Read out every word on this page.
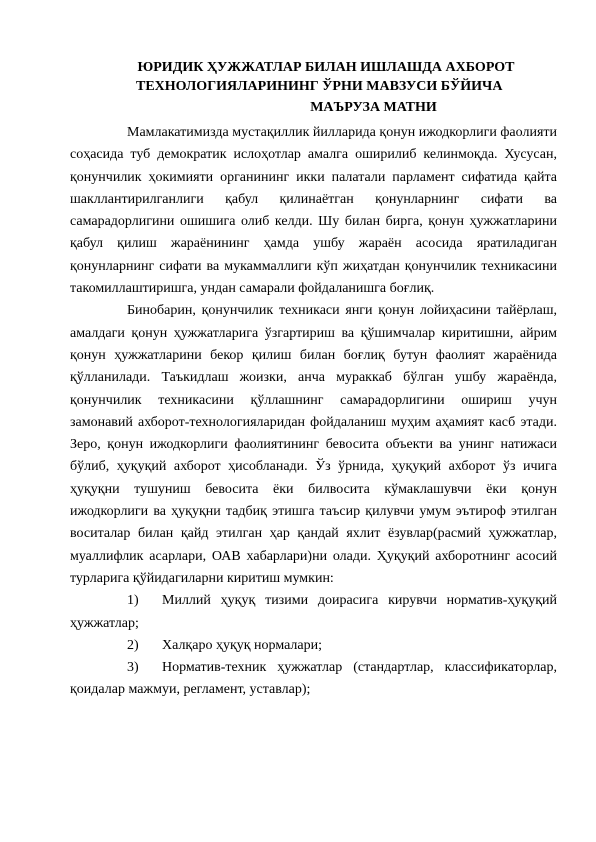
ЮРИДИК ҲУЖЖАТЛАР БИЛАН ИШЛАШДА АХБОРОТ
ТЕХНОЛОГИЯЛАРИНИНГ ЎРНИ МАВЗУСИ БЎЙИЧА
МАЪРУЗА МАТНИ

Мамлакатимизда мустақиллик йилларида қонун ижодкорлиги фаолияти соҳасида туб демократик ислоҳотлар амалга оширилиб келинмоқда. Хусусан, қонунчилик ҳокимияти органининг икки палатали парламент сифатида қайта шакллантирилганлиги қабул қилинаётган қонунларнинг сифати ва самарадорлигини ошишига олиб келди. Шу билан бирга, қонун ҳужжатларини қабул қилиш жараёнининг ҳамда ушбу жараён асосида яратиладиган қонунларнинг сифати ва мукаммаллиги кўп жиҳатдан қонунчилик техникасини такомиллаштиришга, ундан самарали фойдаланишга боғлиқ.

Бинобарин, қонунчилик техникаси янги қонун лойиҳасини тайёрлаш, амалдаги қонун ҳужжатларига ўзгартириш ва қўшимчалар киритишни, айрим қонун ҳужжатларини бекор қилиш билан боғлиқ бутун фаолият жараёнида қўлланилади. Таъкидлаш жоизки, анча мураккаб бўлган ушбу жараёнда, қонунчилик техникасини қўллашнинг самарадорлигини ошириш учун замонавий ахборот-технологияларидан фойдаланиш муҳим аҳамият касб этади. Зеро, қонун ижодкорлиги фаолиятининг бевосита объекти ва унинг натижаси бўлиб, ҳуқуқий ахборот ҳисобланади. Ўз ўрнида, ҳуқуқий ахборот ўз ичига ҳуқуқни тушуниш бевосита ёки билвосита кўмаклашувчи ёки қонун ижодкорлиги ва ҳуқуқни тадбиқ этишга таъсир қилувчи умум эътироф этилган воситалар билан қайд этилган ҳар қандай яхлит ёзувлар(расмий ҳужжатлар, муаллифлик асарлари, ОАВ хабарлари)ни олади. Ҳуқуқий ахборотнинг асосий турларига қўйидагиларни киритиш мумкин:

1) Миллий ҳуқуқ тизими доирасига кирувчи норматив-ҳуқуқий ҳужжатлар;

2) Халқаро ҳуқуқ нормалари;

3) Норматив-техник ҳужжатлар (стандартлар, классификаторлар, қоидалар мажмуи, регламент, уставлар);
